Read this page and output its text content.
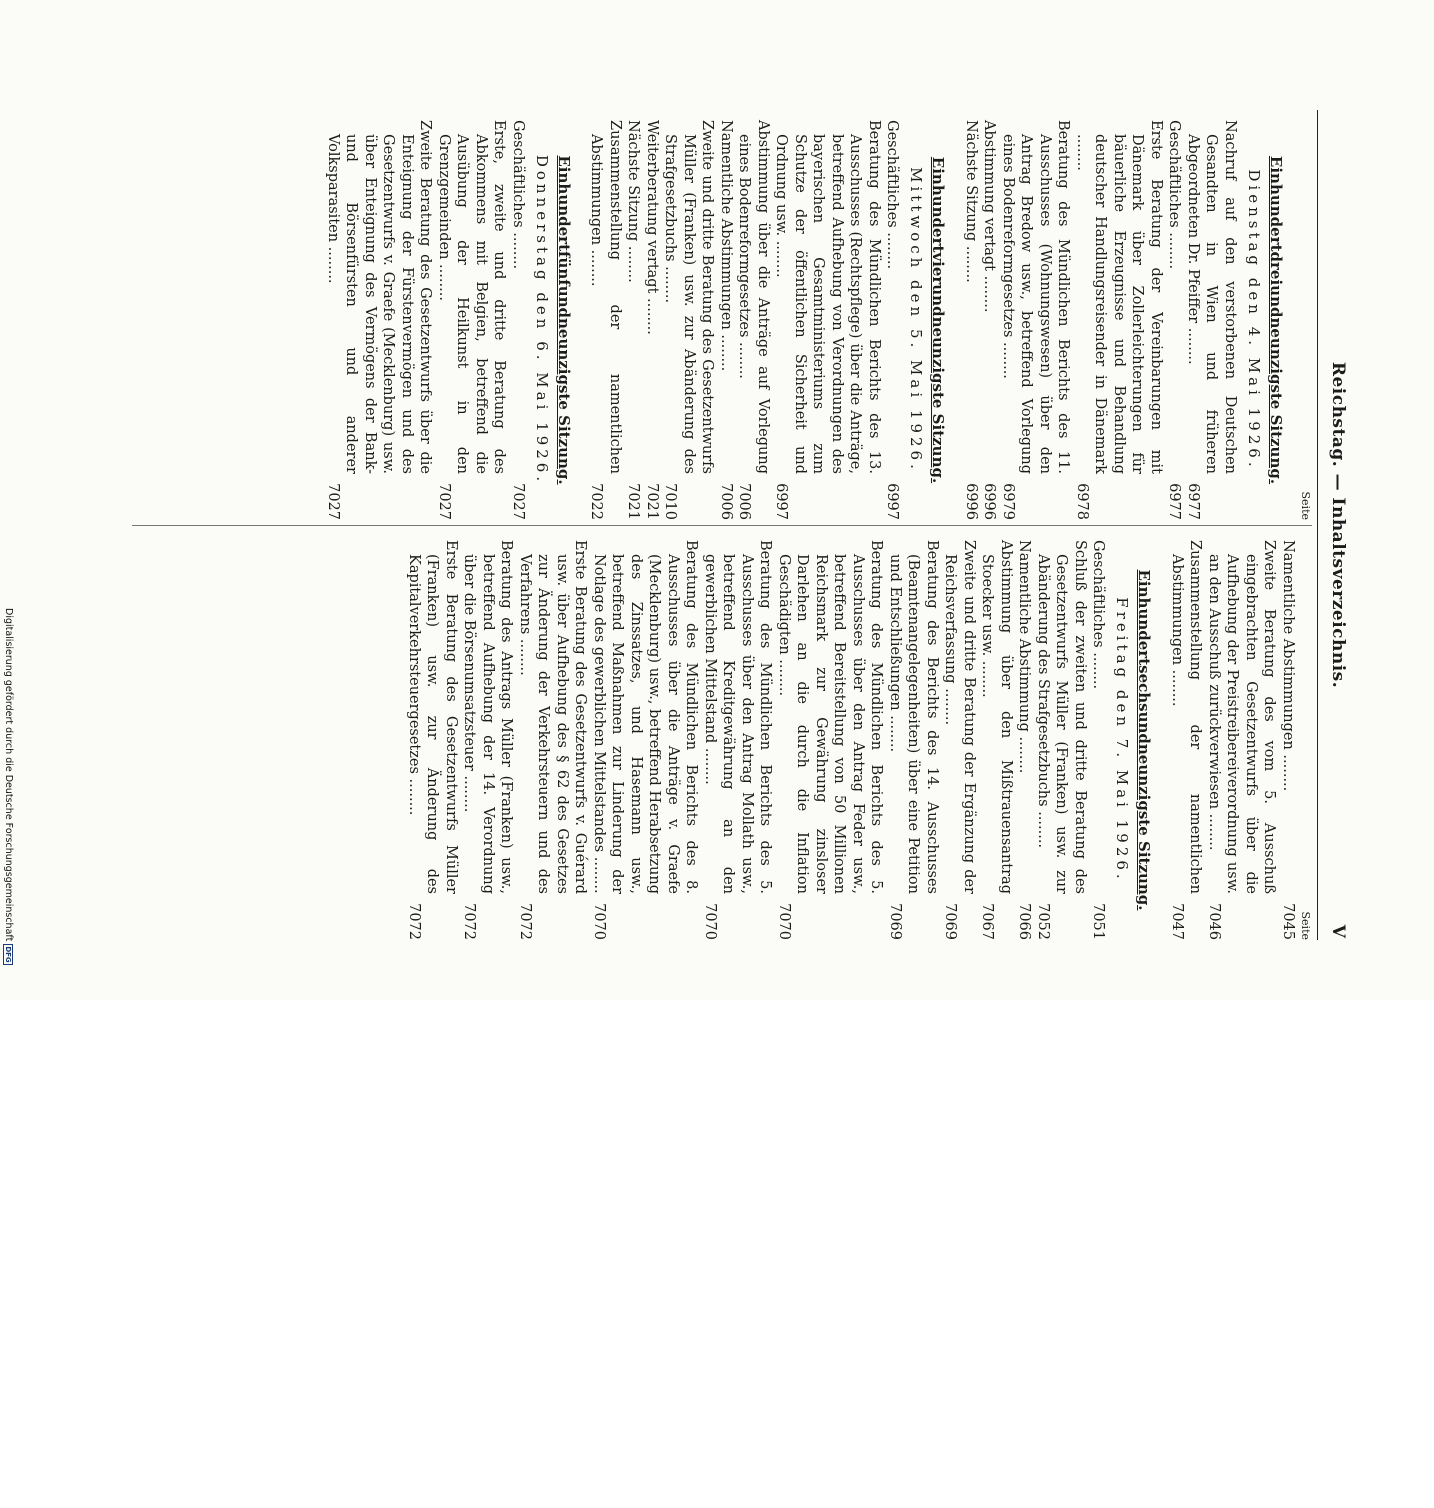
Digitalisierung gefördert durch die Deutsche ForschungsgemeinschaftDFG
Reichstag. — Inhaltsverzeichnis.
V
Seite
Einhundertdreiundneunzigste Sitzung.
Dienstag den 4. Mai 1926.
Nachruf auf den verstorbenen Deutschen Gesandten in Wien und früheren Abgeordneten Dr. Pfeiffer ........
6977
Geschäftliches ........
6977
Erste Beratung der Vereinbarungen mit Dänemark über Zollerleichterungen für bäuerliche Erzeugnisse und Behandlung deutscher Handlungsreisender in Dänemark ........
6978
Beratung des Mündlichen Berichts des 11. Ausschusses (Wohnungswesen) über den Antrag Bredow usw., betreffend Vorlegung eines Bodenreformgesetzes ........
6979
Abstimmung vertagt ........
6996
Nächste Sitzung ........
6996
Einhundertvierundneunzigste Sitzung.
Mittwoch den 5. Mai 1926.
Geschäftliches ........
6997
Beratung des Mündlichen Berichts des 13. Ausschusses (Rechtspflege) über die Anträge, betreffend Aufhebung von Verordnungen des bayerischen Gesamtministeriums zum Schutze der öffentlichen Sicherheit und Ordnung usw. ........
6997
Abstimmung über die Anträge auf Vorlegung eines Bodenreformgesetzes ........
7006
Namentliche Abstimmungen ........
7006
Zweite und dritte Beratung des Gesetzentwurfs Müller (Franken) usw. zur Abänderung des Strafgesetzbuchs ........
7010
Weiterberatung vertagt ........
7021
Nächste Sitzung ........
7021
Zusammenstellung der namentlichen Abstimmungen ........
7022
Einhundertfünfundneunzigste Sitzung.
Donnerstag den 6. Mai 1926.
Geschäftliches ........
7027
Erste, zweite und dritte Beratung des Abkommens mit Belgien, betreffend die Ausübung der Heilkunst in den Grenzgemeinden ........
7027
Zweite Beratung des Gesetzentwurfs über die Enteignung der Fürstenvermögen und des Gesetzentwurfs v. Graefe (Mecklenburg) usw. über Enteignung des Vermögens der Bank- und Börsenfürsten und anderer Volksparasiten ........
7027
Seite
Namentliche Abstimmungen ........
7045
Zweite Beratung des vom 5. Ausschuß eingebrachten Gesetzentwurfs über die Aufhebung der Preistreibereiverordnung usw. an den Ausschuß zurückverwiesen ........
7046
Zusammenstellung der namentlichen Abstimmungen ........
7047
Einhundertsechsundneunzigste Sitzung.
Freitag den 7. Mai 1926.
Geschäftliches ........
7051
Schluß der zweiten und dritte Beratung des Gesetzentwurfs Müller (Franken) usw. zur Abänderung des Strafgesetzbuchs ........
7052
Namentliche Abstimmung ........
7066
Abstimmung über den Mißtrauensantrag Stoecker usw. ........
7067
Zweite und dritte Beratung der Ergänzung der Reichsverfassung ........
7069
Beratung des Berichts des 14. Ausschusses (Beamtenangelegenheiten) über eine Petition und Entschließungen ........
7069
Beratung des Mündlichen Berichts des 5. Ausschusses über den Antrag Feder usw., betreffend Bereitstellung von 50 Millionen Reichsmark zur Gewährung zinsloser Darlehen an die durch die Inflation Geschädigten ........
7070
Beratung des Mündlichen Berichts des 5. Ausschusses über den Antrag Mollath usw., betreffend Kreditgewährung an den gewerblichen Mittelstand ........
7070
Beratung des Mündlichen Berichts des 8. Ausschusses über die Anträge v. Graefe (Mecklenburg) usw., betreffend Herabsetzung des Zinssatzes, und Hasemann usw., betreffend Maßnahmen zur Linderung der Notlage des gewerblichen Mittelstandes ........
7070
Erste Beratung des Gesetzentwurfs v. Guérard usw. über Aufhebung des § 62 des Gesetzes zur Änderung der Verkehrsteuern und des Verfahrens ........
7072
Beratung des Antrags Müller (Franken) usw., betreffend Aufhebung der 14. Verordnung über die Börsenumsatzsteuer ........
7072
Erste Beratung des Gesetzentwurfs Müller (Franken) usw. zur Änderung des Kapitalverkehrsteuergesetzes ........
7072
